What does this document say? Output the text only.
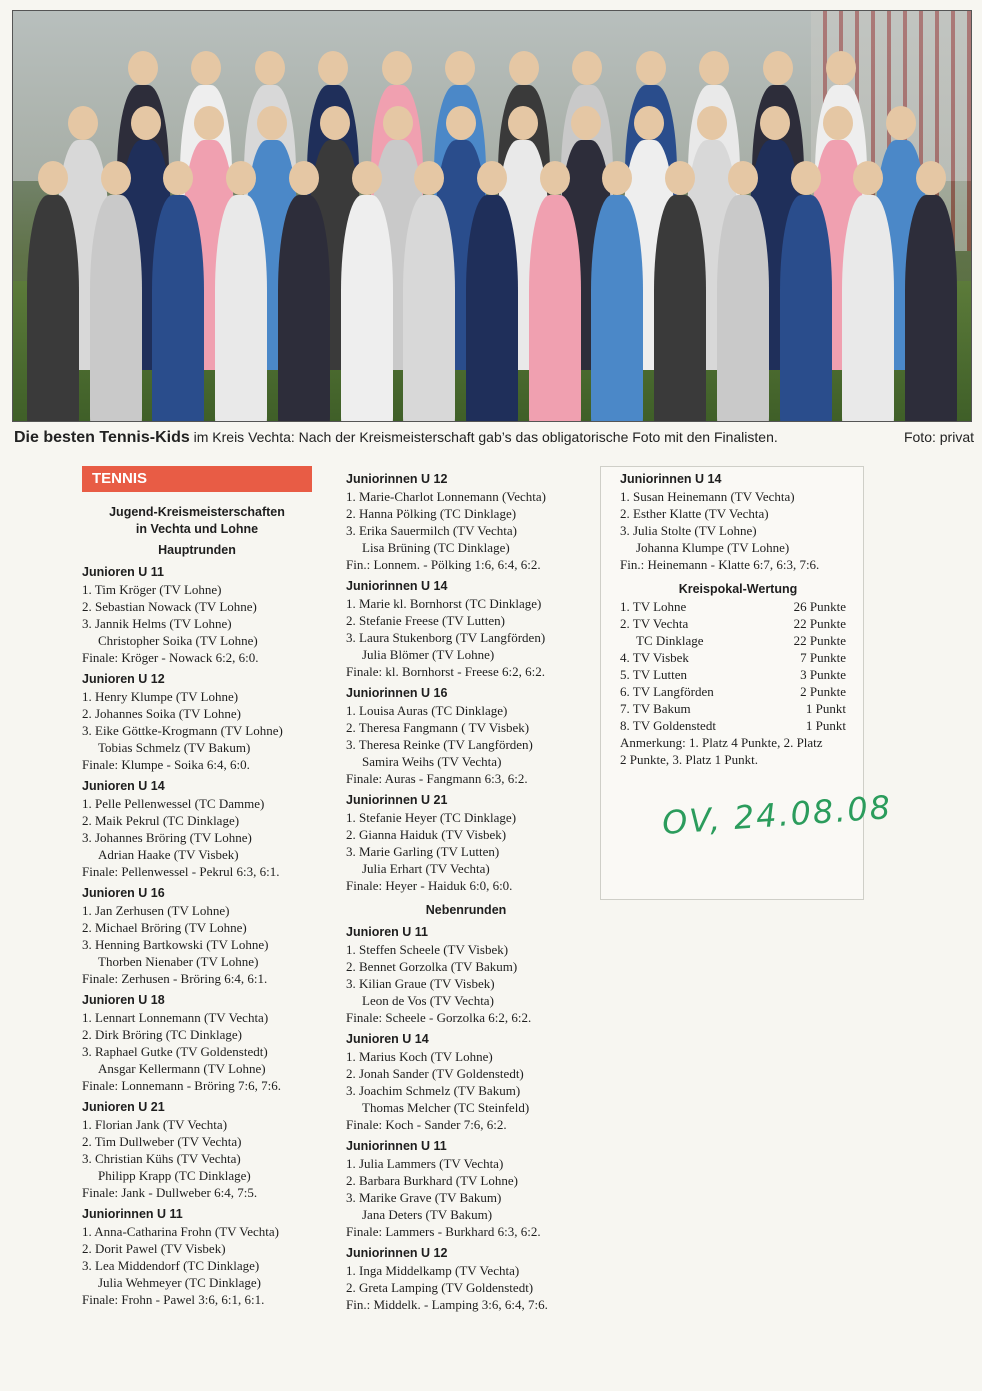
Die besten Tennis-Kids im Kreis Vechta: Nach der Kreismeisterschaft gab’s das obligatorische Foto mit den Finalisten.	Foto: privat
TENNIS
Jugend-Kreismeisterschaften
in Vechta und Lohne
Hauptrunden
Junioren U 11
1. Tim Kröger (TV Lohne)
2. Sebastian Nowack (TV Lohne)
3. Jannik Helms (TV Lohne)
Christopher Soika (TV Lohne)
Finale: Kröger - Nowack 6:2, 6:0.
Junioren U 12
1. Henry Klumpe (TV Lohne)
2. Johannes Soika (TV Lohne)
3. Eike Göttke-Krogmann (TV Lohne)
Tobias Schmelz (TV Bakum)
Finale: Klumpe - Soika 6:4, 6:0.
Junioren U 14
1. Pelle Pellenwessel (TC Damme)
2. Maik Pekrul (TC Dinklage)
3. Johannes Bröring (TV Lohne)
Adrian Haake (TV Visbek)
Finale: Pellenwessel - Pekrul 6:3, 6:1.
Junioren U 16
1. Jan Zerhusen (TV Lohne)
2. Michael Bröring (TV Lohne)
3. Henning Bartkowski (TV Lohne)
Thorben Nienaber (TV Lohne)
Finale: Zerhusen - Bröring 6:4, 6:1.
Junioren U 18
1. Lennart Lonnemann (TV Vechta)
2. Dirk Bröring (TC Dinklage)
3. Raphael Gutke (TV Goldenstedt)
Ansgar Kellermann (TV Lohne)
Finale: Lonnemann - Bröring 7:6, 7:6.
Junioren U 21
1. Florian Jank (TV Vechta)
2. Tim Dullweber (TV Vechta)
3. Christian Kühs (TV Vechta)
Philipp Krapp (TC Dinklage)
Finale: Jank - Dullweber 6:4, 7:5.
Juniorinnen U 11
1. Anna-Catharina Frohn (TV Vechta)
2. Dorit Pawel (TV Visbek)
3. Lea Middendorf (TC Dinklage)
Julia Wehmeyer (TC Dinklage)
Finale: Frohn - Pawel 3:6, 6:1, 6:1.
Juniorinnen U 12
1. Marie-Charlot Lonnemann (Vechta)
2. Hanna Pölking (TC Dinklage)
3. Erika Sauermilch (TV Vechta)
Lisa Brüning (TC Dinklage)
Fin.: Lonnem. - Pölking 1:6, 6:4, 6:2.
Juniorinnen U 14
1. Marie kl. Bornhorst (TC Dinklage)
2. Stefanie Freese (TV Lutten)
3. Laura Stukenborg (TV Langförden)
Julia Blömer (TV Lohne)
Finale: kl. Bornhorst - Freese 6:2, 6:2.
Juniorinnen U 16
1. Louisa Auras (TC Dinklage)
2. Theresa Fangmann ( TV Visbek)
3. Theresa Reinke (TV Langförden)
Samira Weihs (TV Vechta)
Finale: Auras - Fangmann 6:3, 6:2.
Juniorinnen U 21
1. Stefanie Heyer (TC Dinklage)
2. Gianna Haiduk (TV Visbek)
3. Marie Garling (TV Lutten)
Julia Erhart (TV Vechta)
Finale: Heyer - Haiduk 6:0, 6:0.
Nebenrunden
Junioren U 11
1. Steffen Scheele (TV Visbek)
2. Bennet Gorzolka (TV Bakum)
3. Kilian Graue (TV Visbek)
Leon de Vos (TV Vechta)
Finale: Scheele - Gorzolka 6:2, 6:2.
Junioren U 14
1. Marius Koch (TV Lohne)
2. Jonah Sander (TV Goldenstedt)
3. Joachim Schmelz (TV Bakum)
Thomas Melcher (TC Steinfeld)
Finale: Koch - Sander 7:6, 6:2.
Juniorinnen U 11
1. Julia Lammers (TV Vechta)
2. Barbara Burkhard (TV Lohne)
3. Marike Grave (TV Bakum)
Jana Deters (TV Bakum)
Finale: Lammers - Burkhard 6:3, 6:2.
Juniorinnen U 12
1. Inga Middelkamp (TV Vechta)
2. Greta Lamping (TV Goldenstedt)
Fin.: Middelk. - Lamping 3:6, 6:4, 7:6.
Juniorinnen U 14
1. Susan Heinemann (TV Vechta)
2. Esther Klatte (TV Vechta)
3. Julia Stolte (TV Lohne)
Johanna Klumpe (TV Lohne)
Fin.: Heinemann - Klatte 6:7, 6:3, 7:6.
Kreispokal-Wertung
1. TV Lohne	26 Punkte
2. TV Vechta	22 Punkte
TC Dinklage	22 Punkte
4. TV Visbek	7 Punkte
5. TV Lutten	3 Punkte
6. TV Langförden	2 Punkte
7. TV Bakum	1 Punkt
8. TV Goldenstedt	1 Punkt
Anmerkung: 1. Platz 4 Punkte, 2. Platz
2 Punkte, 3. Platz 1 Punkt.
OV, 24.08.08
